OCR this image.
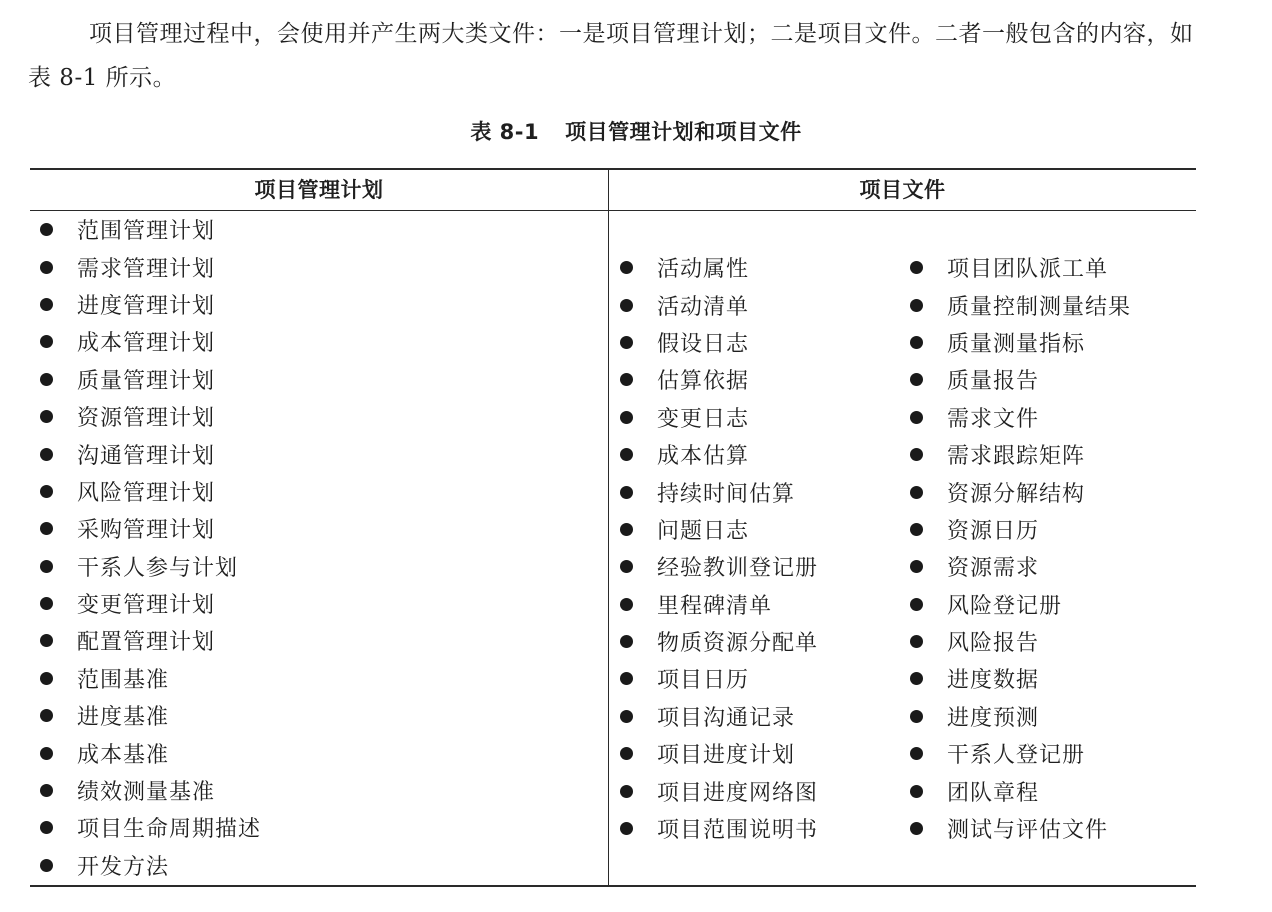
项目管理过程中，会使用并产生两大类文件：一是项目管理计划；二是项目文件。二者一般包含的内容，如表 8-1 所示。

表 8-1 项目管理计划和项目文件
项目管理计划	项目文件
范围管理计划
需求管理计划
进度管理计划
成本管理计划
质量管理计划
资源管理计划
沟通管理计划
风险管理计划
采购管理计划
干系人参与计划
变更管理计划
配置管理计划
范围基准
进度基准
成本基准
绩效测量基准
项目生命周期描述
开发方法
活动属性
活动清单
假设日志
估算依据
变更日志
成本估算
持续时间估算
问题日志
经验教训登记册
里程碑清单
物质资源分配单
项目日历
项目沟通记录
项目进度计划
项目进度网络图
项目范围说明书
项目团队派工单
质量控制测量结果
质量测量指标
质量报告
需求文件
需求跟踪矩阵
资源分解结构
资源日历
资源需求
风险登记册
风险报告
进度数据
进度预测
干系人登记册
团队章程
测试与评估文件
